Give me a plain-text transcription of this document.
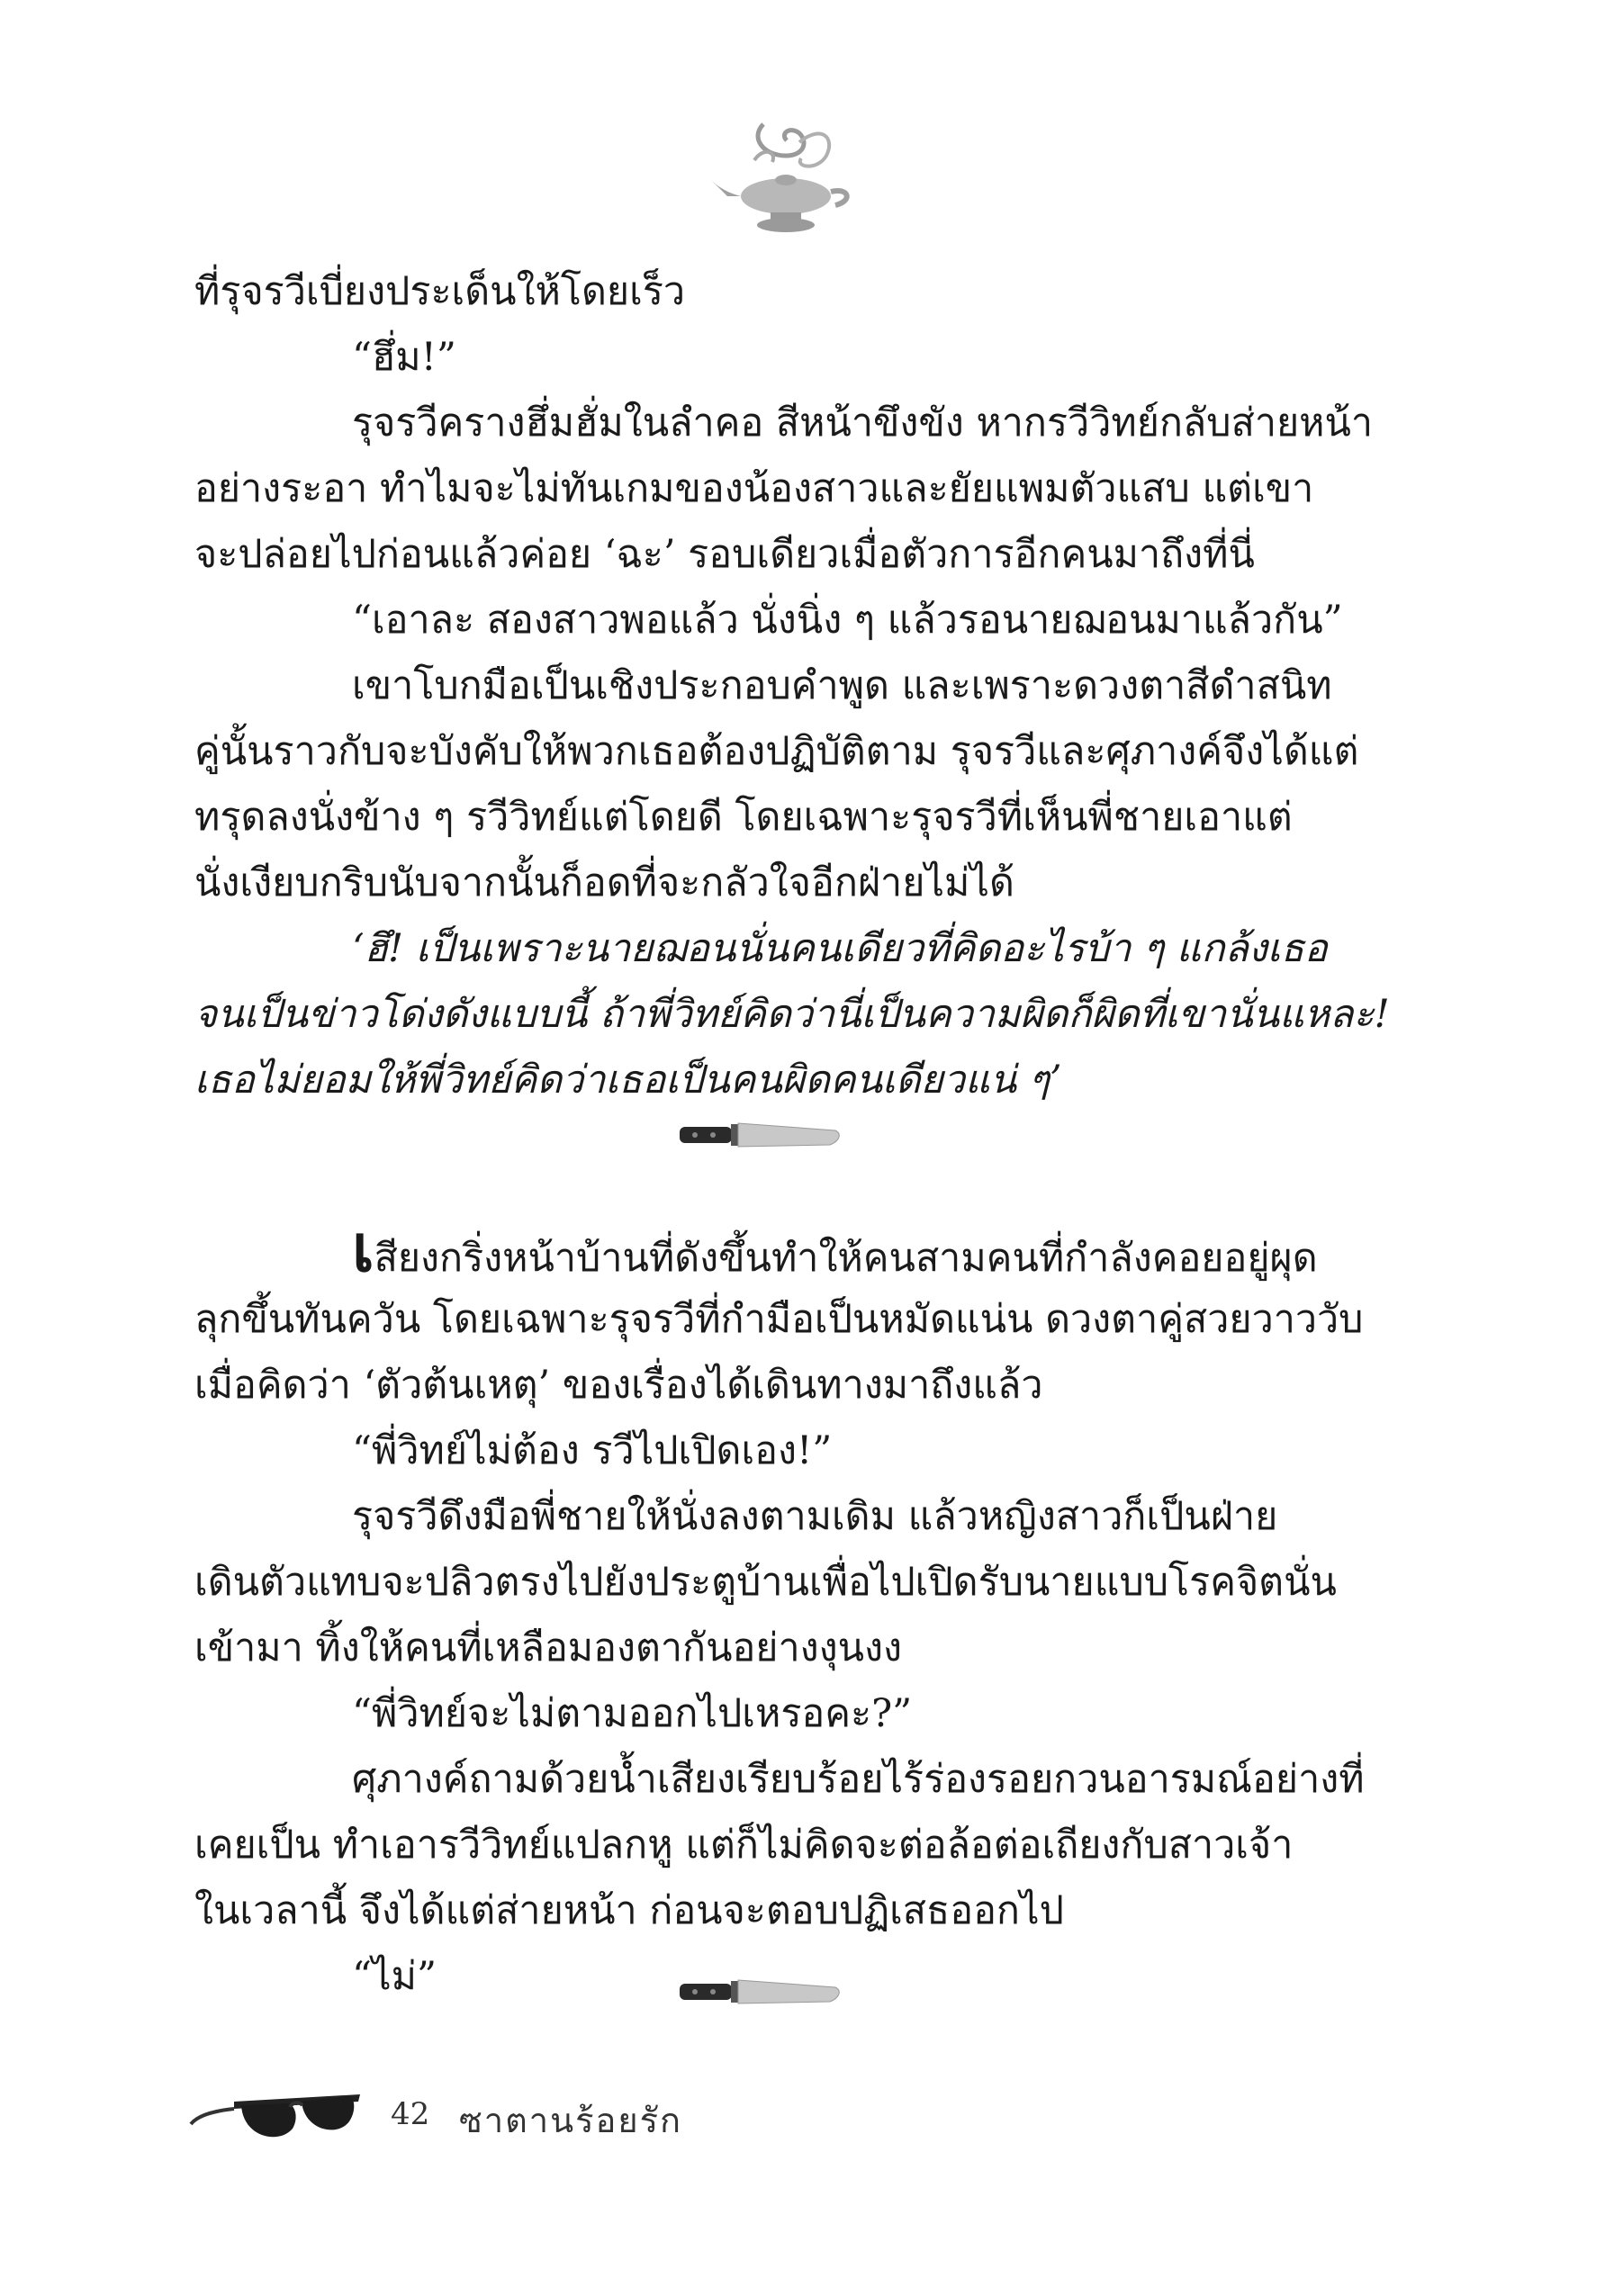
ที่รุจรวีเบี่ยงประเด็นให้โดยเร็ว

“ฮึ่ม!”

รุจรวีครางฮึ่มฮั่มในลำคอ สีหน้าขึงขัง หากรวีวิทย์กลับส่ายหน้า

อย่างระอา ทำไมจะไม่ทันเกมของน้องสาวและยัยแพมตัวแสบ แต่เขา

จะปล่อยไปก่อนแล้วค่อย ‘ฉะ’ รอบเดียวเมื่อตัวการอีกคนมาถึงที่นี่

“เอาละ สองสาวพอแล้ว นั่งนิ่ง ๆ แล้วรอนายฌอนมาแล้วกัน”

เขาโบกมือเป็นเชิงประกอบคำพูด และเพราะดวงตาสีดำสนิท

คู่นั้นราวกับจะบังคับให้พวกเธอต้องปฏิบัติตาม รุจรวีและศุภางค์จึงได้แต่

ทรุดลงนั่งข้าง ๆ รวีวิทย์แต่โดยดี โดยเฉพาะรุจรวีที่เห็นพี่ชายเอาแต่

นั่งเงียบกริบนับจากนั้นก็อดที่จะกลัวใจอีกฝ่ายไม่ได้

‘ฮึ! เป็นเพราะนายฌอนนั่นคนเดียวที่คิดอะไรบ้า ๆ แกล้งเธอ

จนเป็นข่าวโด่งดังแบบนี้ ถ้าพี่วิทย์คิดว่านี่เป็นความผิดก็ผิดที่เขานั่นแหละ!

เธอไม่ยอมให้พี่วิทย์คิดว่าเธอเป็นคนผิดคนเดียวแน่ ๆ’

เสียงกริ่งหน้าบ้านที่ดังขึ้นทำให้คนสามคนที่กำลังคอยอยู่ผุด

ลุกขึ้นทันควัน โดยเฉพาะรุจรวีที่กำมือเป็นหมัดแน่น ดวงตาคู่สวยวาววับ

เมื่อคิดว่า ‘ตัวต้นเหตุ’ ของเรื่องได้เดินทางมาถึงแล้ว

“พี่วิทย์ไม่ต้อง รวีไปเปิดเอง!”

รุจรวีดึงมือพี่ชายให้นั่งลงตามเดิม แล้วหญิงสาวก็เป็นฝ่าย

เดินตัวแทบจะปลิวตรงไปยังประตูบ้านเพื่อไปเปิดรับนายแบบโรคจิตนั่น

เข้ามา ทิ้งให้คนที่เหลือมองตากันอย่างงุนงง

“พี่วิทย์จะไม่ตามออกไปเหรอคะ?”

ศุภางค์ถามด้วยน้ำเสียงเรียบร้อยไร้ร่องรอยกวนอารมณ์อย่างที่

เคยเป็น ทำเอารวีวิทย์แปลกหู แต่ก็ไม่คิดจะต่อล้อต่อเถียงกับสาวเจ้า

ในเวลานี้ จึงได้แต่ส่ายหน้า ก่อนจะตอบปฏิเสธออกไป

“ไม่”

42 ซาตานร้อยรัก
